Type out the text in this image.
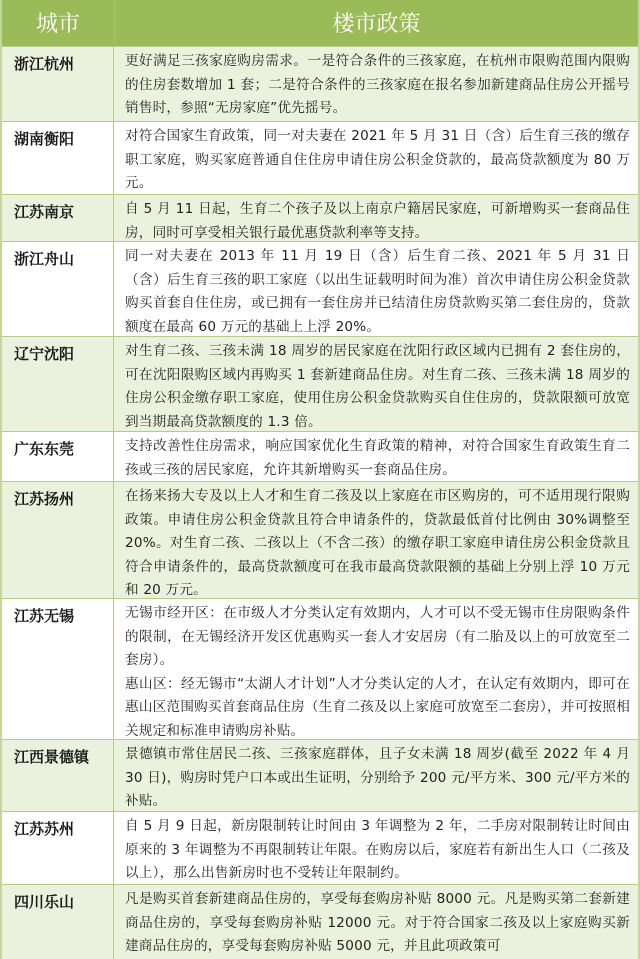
城市	楼市政策
浙江杭州	更好满足三孩家庭购房需求。一是符合条件的三孩家庭，在杭州市限购范围内限购的住房套数增加 1 套；二是符合条件的三孩家庭在报名参加新建商品住房公开摇号销售时，参照“无房家庭”优先摇号。

湖南衡阳	对符合国家生育政策，同一对夫妻在 2021 年 5 月 31 日（含）后生育三孩的缴存职工家庭，购买家庭普通自住住房申请住房公积金贷款的，最高贷款额度为 80 万元。

江苏南京	自 5 月 11 日起，生育二个孩子及以上南京户籍居民家庭，可新增购买一套商品住房，同时可享受相关银行最优惠贷款利率等支持。

浙江舟山	同一对夫妻在 2013 年 11 月 19 日（含）后生育二孩、2021 年 5 月 31 日（含）后生育三孩的职工家庭（以出生证载明时间为准）首次申请住房公积金贷款购买首套自住住房，或已拥有一套住房并已结清住房贷款购买第二套住房的，贷款额度在最高 60 万元的基础上上浮 20%。

辽宁沈阳	对生育二孩、三孩未满 18 周岁的居民家庭在沈阳行政区域内已拥有 2 套住房的，可在沈阳限购区域内再购买 1 套新建商品住房。对生育二孩、三孩未满 18 周岁的住房公积金缴存职工家庭，使用住房公积金贷款购买自住住房的，贷款限额可放宽到当期最高贷款额度的 1.3 倍。

广东东莞	支持改善性住房需求，响应国家优化生育政策的精神，对符合国家生育政策生育二孩或三孩的居民家庭，允许其新增购买一套商品住房。

江苏扬州	在扬来扬大专及以上人才和生育二孩及以上家庭在市区购房的，可不适用现行限购政策。申请住房公积金贷款且符合申请条件的，贷款最低首付比例由 30%调整至 20%。对生育二孩、二孩以上（不含二孩）的缴存职工家庭申请住房公积金贷款且符合申请条件的，最高贷款额度可在我市最高贷款限额的基础上分别上浮 10 万元和 20 万元。

江苏无锡	无锡市经开区：在市级人才分类认定有效期内，人才可以不受无锡市住房限购条件的限制，在无锡经济开发区优惠购买一套人才安居房（有二胎及以上的可放宽至二套房）。

惠山区：经无锡市“太湖人才计划”人才分类认定的人才，在认定有效期内，即可在惠山区范围购买首套商品住房（生育二孩及以上家庭可放宽至二套房），并可按照相关规定和标准申请购房补贴。

江西景德镇	景德镇市常住居民二孩、三孩家庭群体，且子女未满 18 周岁(截至 2022 年 4 月 30 日)，购房时凭户口本或出生证明，分别给予 200 元/平方米、300 元/平方米的补贴。

江苏苏州	自 5 月 9 日起，新房限制转让时间由 3 年调整为 2 年，二手房对限制转让时间由原来的 3 年调整为不再限制转让年限。在购房以后，家庭若有新出生人口（二孩及以上），那么出售新房时也不受转让年限制约。

四川乐山	凡是购买首套新建商品住房的，享受每套购房补贴 8000 元。凡是购买第二套新建商品住房的，享受每套购房补贴 12000 元。对于符合国家二孩及以上家庭购买新建商品住房的，享受每套购房补贴 5000 元，并且此项政策可
